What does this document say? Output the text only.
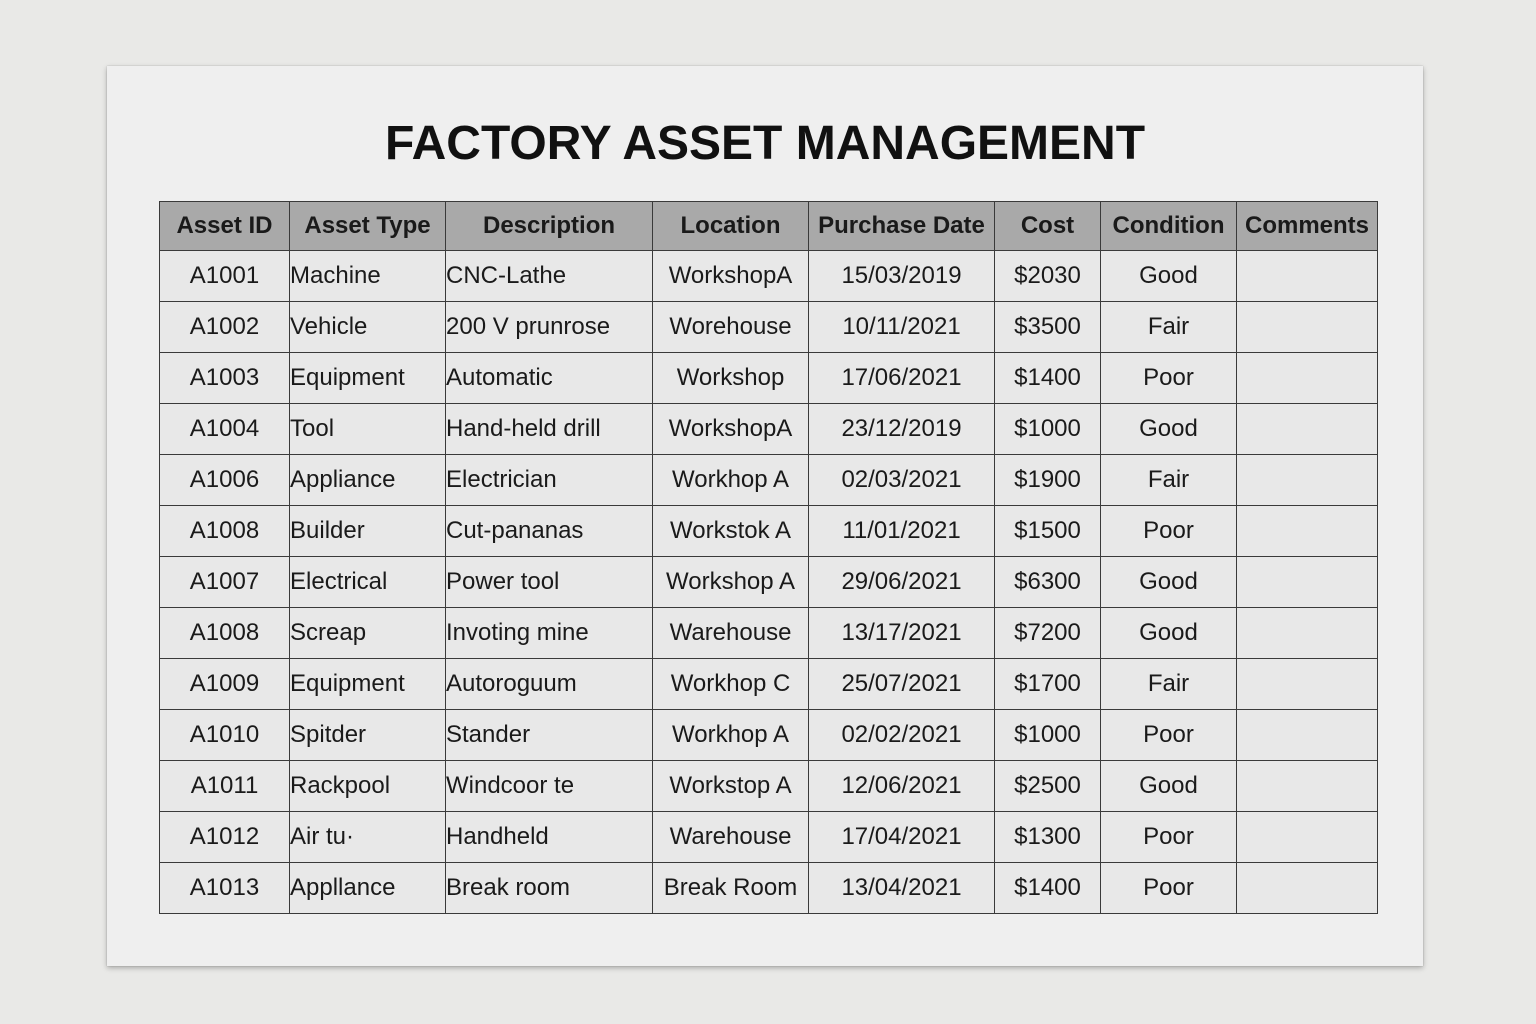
FACTORY ASSET MANAGEMENT
Asset ID	Asset Type	Description	Location	Purchase Date	Cost	Condition	Comments
A1001	Machine	CNC-Lathe	WorkshopA	15/03/2019	$2030	Good	
A1002	Vehicle	200 V prunrose	Worehouse	10/11/2021	$3500	Fair	
A1003	Equipment	Automatic	Workshop	17/06/2021	$1400	Poor	
A1004	Tool	Hand-held drill	WorkshopA	23/12/2019	$1000	Good	
A1006	Appliance	Electrician	Workhop A	02/03/2021	$1900	Fair	
A1008	Builder	Cut-pananas	Workstok A	11/01/2021	$1500	Poor	
A1007	Electrical	Power tool	Workshop A	29/06/2021	$6300	Good	
A1008	Screap	Invoting mine	Warehouse	13/17/2021	$7200	Good	
A1009	Equipment	Autoroguum	Workhop C	25/07/2021	$1700	Fair	
A1010	Spitder	Stander	Workhop A	02/02/2021	$1000	Poor	
A1011	Rackpool	Windcoor te	Workstop A	12/06/2021	$2500	Good	
A1012	Air tu·	Handheld	Warehouse	17/04/2021	$1300	Poor	
A1013	Appllance	Break room	Break Room	13/04/2021	$1400	Poor	
